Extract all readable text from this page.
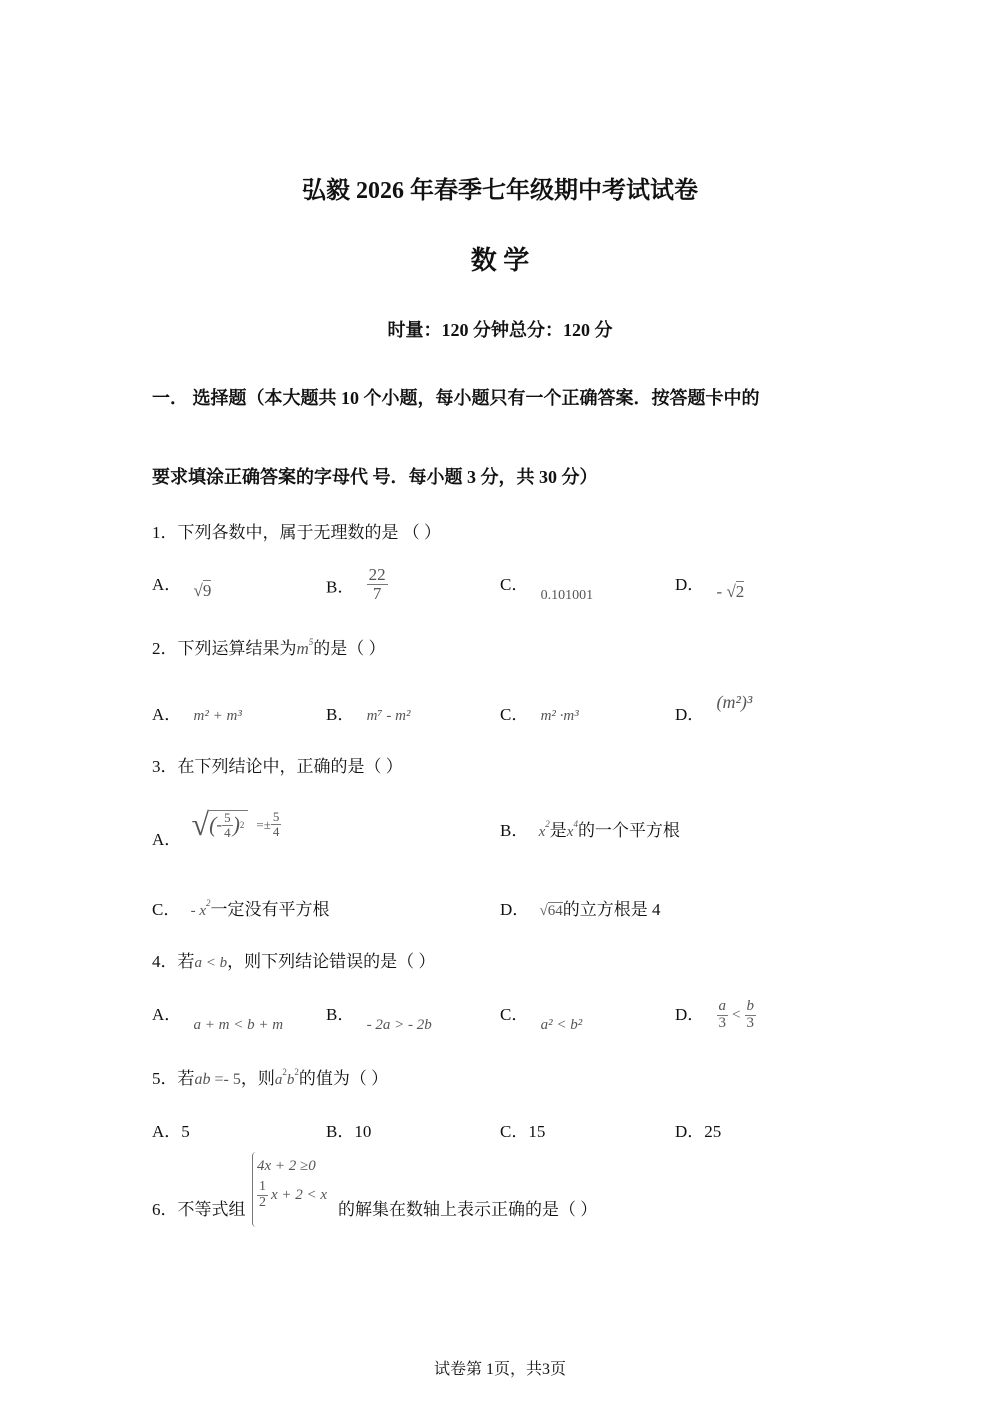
弘毅 2026 年春季七年级期中考试试卷
数 学
时量：120 分钟总分：120 分
一． 选择题（本大题共 10 个小题，每小题只有一个正确答案．按答题卡中的
要求填涂正确答案的字母代 号．每小题 3 分，共 30 分）
1．下列各数中，属于无理数的是 （ ）
A． √9	B． $\frac{22}{7}$	C． $_{0.101001}$
D． - √2
2．下列运算结果为$m^5$的是（ ）
A． m² + m³	B． m⁷ - m²	C． m² ·m³	D． (m²)³
3．在下列结论中，正确的是（ ）
A． √ ( - $\frac{5}{4}$ ) $2 =\pm \frac{5}{4}$	B． $x^2$是$x^4$的一个平方根
C． - $x^2$一定没有平方根	D． √64的立方根是 4
4．若a < b，则下列结论错误的是（ ）
A． a + m < b + m
B． - 2a > - 2b
C． a² < b²
D． $\frac{a}{3} < \frac{b}{3}$
5．若ab =- 5，则$a^2b^2$的值为（ ）
A．5	B．10	C．15	D．25
6．不等式组
4x + 2 ≥0
$\frac{1}{2}$ x + 2 < x
的解集在数轴上表示正确的是（ ）
试卷第 1页，共3页
